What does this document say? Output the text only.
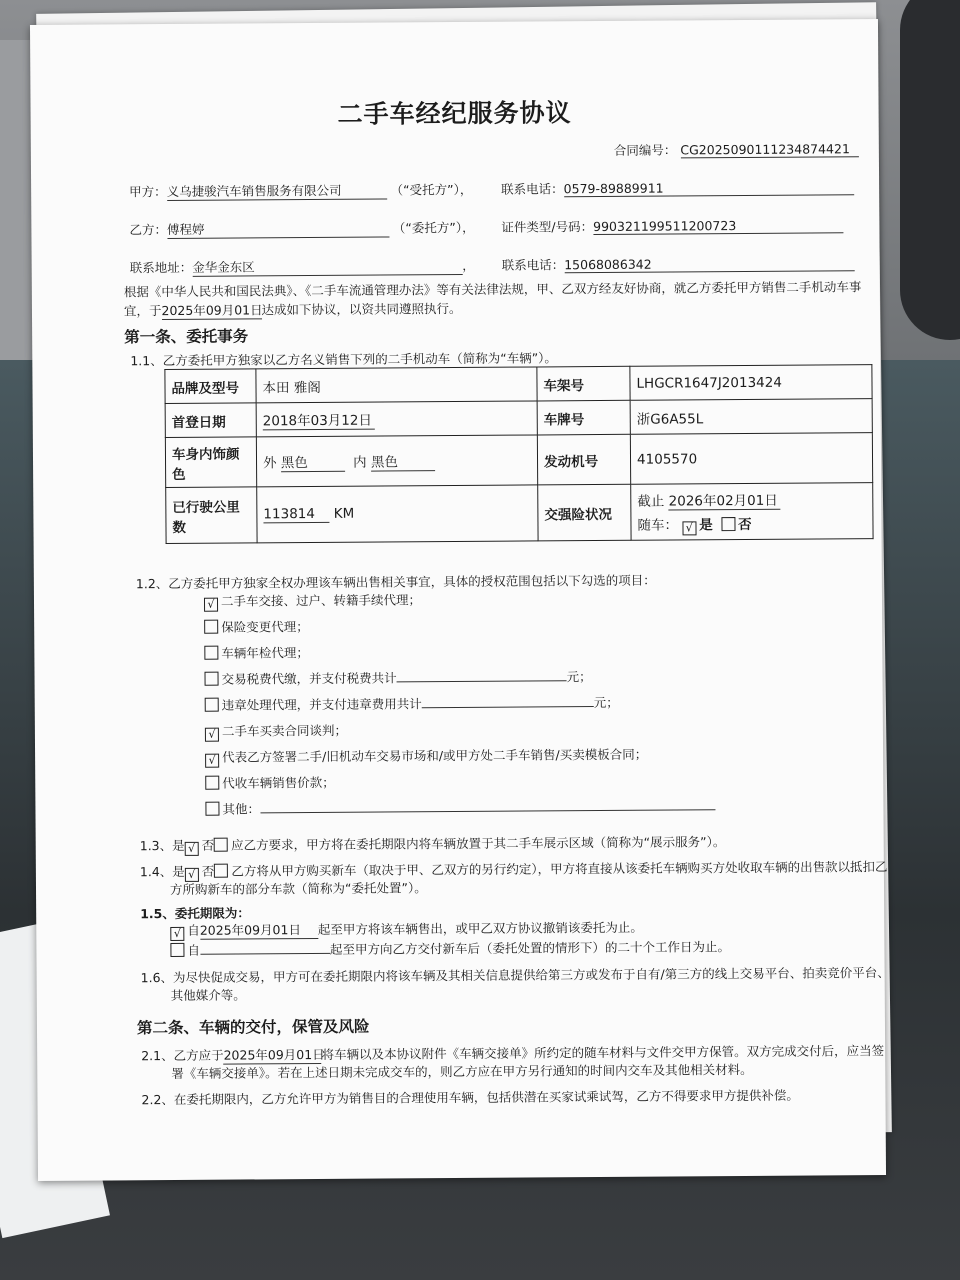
二手车经纪服务协议
合同编号： CG2025090111234874421
甲方：义乌捷骏汽车销售服务有限公司	（“受托方”）， 联系电话：0579-89889911
乙方：傅程婷	（“委托方”）， 证件类型/号码：990321199511200723
联系地址：金华金东区	， 联系电话：15068086342
根据《中华人民共和国民法典》、《二手车流通管理办法》等有关法律法规，甲、乙双方经友好协商，就乙方委托甲方销售二手机动车事
宜，于2025年09月01日达成如下协议，以资共同遵照执行。
第一条、委托事务
1.1、乙方委托甲方独家以乙方名义销售下列的二手机动车（简称为“车辆”）。
品牌及型号	本田 雅阁	车架号	LHGCR1647J2013424
首登日期	2018年03月12日	车牌号	浙G6A55L
车身内饰颜色	外 黑色 内 黑色	发动机号	4105570
已行驶公里数	113814 KM	交强险状况	截止 2026年02月01日
随车： √ 是 否
1.2、乙方委托甲方独家全权办理该车辆出售相关事宜，具体的授权范围包括以下勾选的项目：
√ 二手车交接、过户、转籍手续代理；
保险变更代理；
车辆年检代理；
交易税费代缴，并支付税费共计	元；
违章处理代理，并支付违章费用共计	元；
√ 二手车买卖合同谈判；
√ 代表乙方签署二手/旧机动车交易市场和/或甲方处二手车销售/买卖模板合同；
代收车辆销售价款；
其他：
1.3、是 √ 否 应乙方要求，甲方将在委托期限内将车辆放置于其二手车展示区域（简称为“展示服务”）。
1.4、是 √ 否 乙方将从甲方购买新车（取决于甲、乙双方的另行约定），甲方将直接从该委托车辆购买方处收取车辆的出售款以抵扣乙
方所购新车的部分车款（简称为“委托处置”）。
1.5、委托期限为：
√ 自2025年09月01日 起至甲方将该车辆售出，或甲乙双方协议撤销该委托为止。
自	起至甲方向乙方交付新车后（委托处置的情形下）的二十个工作日为止。
1.6、为尽快促成交易，甲方可在委托期限内将该车辆及其相关信息提供给第三方或发布于自有/第三方的线上交易平台、拍卖竞价平台、
其他媒介等。
第二条、车辆的交付，保管及风险
2.1、乙方应于2025年09月01日将车辆以及本协议附件《车辆交接单》所约定的随车材料与文件交甲方保管。双方完成交付后，应当签
署《车辆交接单》。若在上述日期未完成交车的，则乙方应在甲方另行通知的时间内交车及其他相关材料。
2.2、在委托期限内，乙方允许甲方为销售目的合理使用车辆，包括供潜在买家试乘试驾，乙方不得要求甲方提供补偿。
